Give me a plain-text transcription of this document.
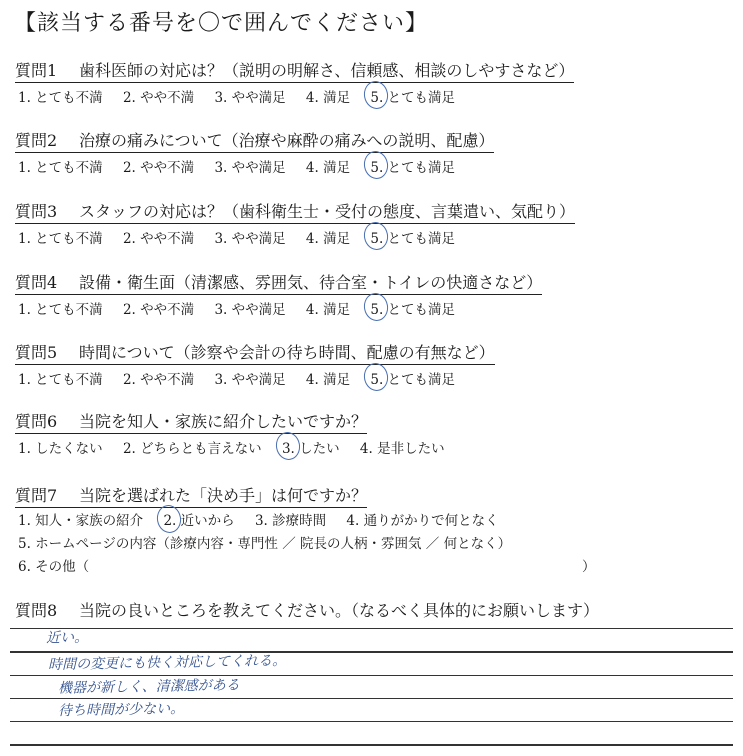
【該当する番号を〇で囲んでください】
質問1 歯科医師の対応は？（説明の明解さ、信頼感、相談のしやすさなど）
1. とても不満 2. やや不満 3. やや満足 4. 満足 5. とても満足
質問2 治療の痛みについて（治療や麻酔の痛みへの説明、配慮）
1. とても不満 2. やや不満 3. やや満足 4. 満足 5. とても満足
質問3 スタッフの対応は？（歯科衛生士・受付の態度、言葉遣い、気配り）
1. とても不満 2. やや不満 3. やや満足 4. 満足 5. とても満足
質問4 設備・衛生面（清潔感、雰囲気、待合室・トイレの快適さなど）
1. とても不満 2. やや不満 3. やや満足 4. 満足 5. とても満足
質問5 時間について（診察や会計の待ち時間、配慮の有無など）
1. とても不満 2. やや不満 3. やや満足 4. 満足 5. とても満足
質問6 当院を知人・家族に紹介したいですか？
1. したくない 2. どちらとも言えない 3. したい 4. 是非したい
質問7 当院を選ばれた「決め手」は何ですか？
1. 知人・家族の紹介 2. 近いから 3. 診療時間 4. 通りがかりで何となく
5. ホームページの内容（診療内容・専門性 ／ 院長の人柄・雰囲気 ／ 何となく）
6. その他（	）
質問8 当院の良いところを教えてください。（なるべく具体的にお願いします）
近い。
時間の変更にも快く対応してくれる。
機器が新しく、清潔感がある
待ち時間が少ない。
